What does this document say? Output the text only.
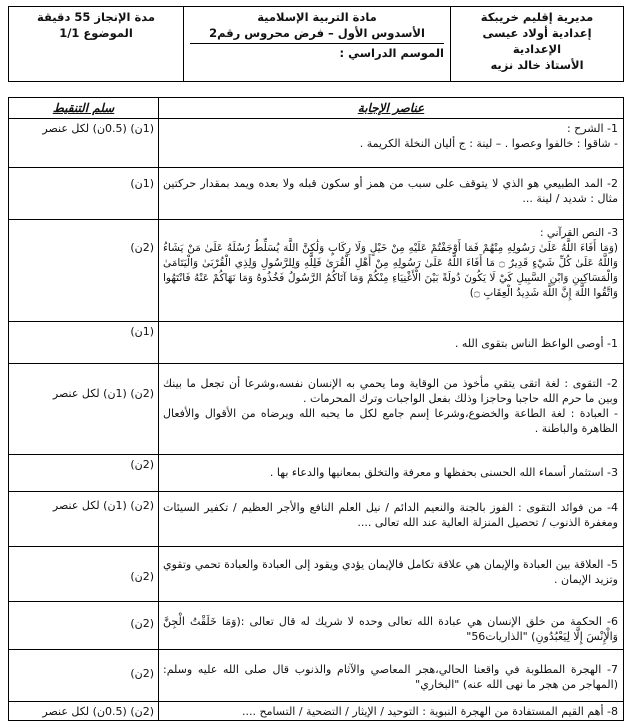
مديرية إقليم خريبكة
إعدادية أولاد عيسى الإعدادية
الأستاذ خالد نزيه
مادة التربية الإسلامية
الأسدوس الأول – فرض محروس رقم2
الموسم الدراسي :
مدة الإنجاز 55 دقيقة
الموضوع 1/1
عناصر الإجابة
سلم التنقيط

1- الشرح :

- شاقوا : خالفوا وعصوا . – لينة : ج أليان النخلة الكريمة .

(1ن) (0.5ن) لكل عنصر

2- المد الطبيعي هو الذي لا يتوقف على سبب من همز أو سكون قبله ولا بعده ويمد بمقدار حركتين مثال : شديد / لينة ...

(1ن)

3- النص القرآني :

(وَمَا أَفَاءَ اللَّهُ عَلَىٰ رَسُولِهِ مِنْهُمْ فَمَا أَوْجَفْتُمْ عَلَيْهِ مِنْ خَيْلٍ وَلَا رِكَابٍ وَلَٰكِنَّ اللَّهَ يُسَلِّطُ رُسُلَهُ عَلَىٰ مَنْ يَشَاءُ وَاللَّهُ عَلَىٰ كُلِّ شَيْءٍ قَدِيرٌ ۝ مَا أَفَاءَ اللَّهُ عَلَىٰ رَسُولِهِ مِنْ أَهْلِ الْقُرَىٰ فَلِلَّهِ وَلِلرَّسُولِ وَلِذِي الْقُرْبَىٰ وَالْيَتَامَىٰ وَالْمَسَاكِينِ وَابْنِ السَّبِيلِ كَيْ لَا يَكُونَ دُولَةً بَيْنَ الْأَغْنِيَاءِ مِنْكُمْ وَمَا آتَاكُمُ الرَّسُولُ فَخُذُوهُ وَمَا نَهَاكُمْ عَنْهُ فَانْتَهُوا وَاتَّقُوا اللَّهَ إِنَّ اللَّهَ شَدِيدُ الْعِقَابِ ۝)

(2ن)

1- أوصى الواعظ الناس بتقوى الله .

(1ن)

2- التقوى : لغة اتقى يتقي مأخوذ من الوقاية وما يحمي به الإنسان نفسه،وشرعا أن تجعل ما بينك وبين ما حرم الله حاجبا وحاجزا وذلك بفعل الواجبات وترك المحرمات .

- العبادة : لغة الطاعة والخضوع،وشرعا إسم جامع لكل ما يحبه الله ويرضاه من الأقوال والأفعال الظاهرة والباطنة .

(2ن) (1ن) لكل عنصر

3- استثمار أسماء الله الحسنى بحفظها و معرفة والتخلق بمعانيها والدعاء بها .

(2ن)

4- من فوائد التقوى : الفوز بالجنة والنعيم الدائم / نيل العلم النافع والأجر العظيم / تكفير السيئات ومغفرة الذنوب / تحصيل المنزلة العالية عند الله تعالى ....

(2ن) (1ن) لكل عنصر

5- العلاقة بين العبادة والإيمان هي علاقة تكامل فالإيمان يؤدي ويقود إلى العبادة والعبادة تحمي وتقوي وتزيد الإيمان .

(2ن)

6- الحكمة من خلق الإنسان هي عبادة الله تعالى وحده لا شريك له قال تعالى :(وَمَا خَلَقْتُ الْجِنَّ وَالْإِنْسَ إِلَّا لِيَعْبُدُونِ) "الذاريات56"

(2ن)

7- الهجرة المطلوبة في واقعنا الحالي،هجر المعاصي والآثام والذنوب قال صلى الله عليه وسلم: (المهاجر من هجر ما نهى الله عنه) "البخاري"

(2ن)

8- أهم القيم المستفادة من الهجرة النبوية : التوحيد / الإيثار / التضحية / التسامح ....

(2ن) (0.5ن) لكل عنصر
